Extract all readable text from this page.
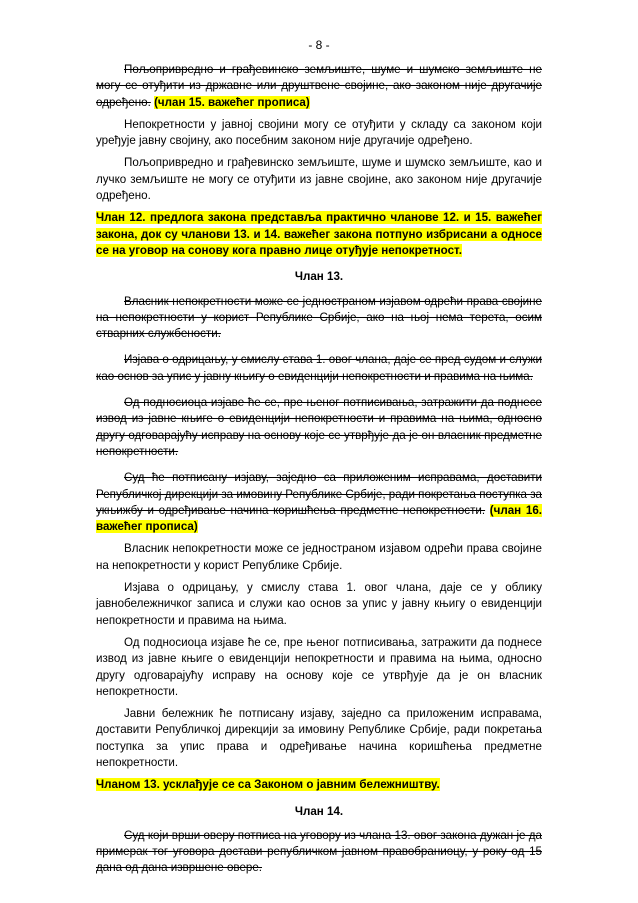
- 8 -

Пољопривредно и грађевинско земљиште, шуме и шумско земљиште не могу се отуђити из државне или друштвене својине, ако законом није другачије одређено. (члан 15. важећег прописа)

Непокретности у јавној својини могу се отуђити у складу са законом који уређује јавну својину, ако посебним законом није другачије одређено.

Пољопривредно и грађевинско земљиште, шуме и шумско земљиште, као и лучко земљиште не могу се отуђити из јавне својине, ако законом није другачије одређено.

Члан 12. предлога закона представља практично чланове 12. и 15. важећег закона, док су чланови 13. и 14. важећег закона потпуно избрисани а односе се на уговор на сонову кога правно лице отуђује непокретност.

Члан 13.

Власник непокретности може се једностраном изјавом одрећи права својине на непокретности у корист Републике Србије, ако на њој нема терета, осим стварних службености.

Изјава о одрицању, у смислу става 1. овог члана, даје се пред судом и служи као основ за упис у јавну књигу о евиденцији непокретности и правима на њима.

Од подносиоца изјаве ће се, пре њеног потписивања, затражити да поднесе извод из јавне књиге о евиденцији непокретности и правима на њима, односно другу одговарајућу исправу на основу које се утврђује да је он власник предметне непокретности.

Суд ће потписану изјаву, заједно са приложеним исправама, доставити Републичкој дирекцији за имовину Републике Србије, ради покретања поступка за укњижбу и одређивање начина коришћења предметне непокретности. (члан 16. важећег прописа)

Власник непокретности може се једностраном изјавом одрећи права својине на непокретности у корист Републике Србије.

Изјава о одрицању, у смислу става 1. овог члана, даје се у облику јавнобележничког записа и служи као основ за упис у јавну књигу о евиденцији непокретности и правима на њима.

Од подносиоца изјаве ће се, пре њеног потписивања, затражити да поднесе извод из јавне књиге о евиденцији непокретности и правима на њима, односно другу одговарајућу исправу на основу које се утврђује да је он власник непокретности.

Јавни бележник ће потписану изјаву, заједно са приложеним исправама, доставити Републичкој дирекцији за имовину Републике Србије, ради покретања поступка за упис права и одређивање начина коришћења предметне непокретности.

Чланом 13. усклађује се са Законом о јавним бележништву.

Члан 14.

Суд који врши оверу потписа на уговору из члана 13. овог закона дужан је да примерак тог уговора достави републичком јавном правобраниоцу, у року од 15 дана од дана извршене овере.
